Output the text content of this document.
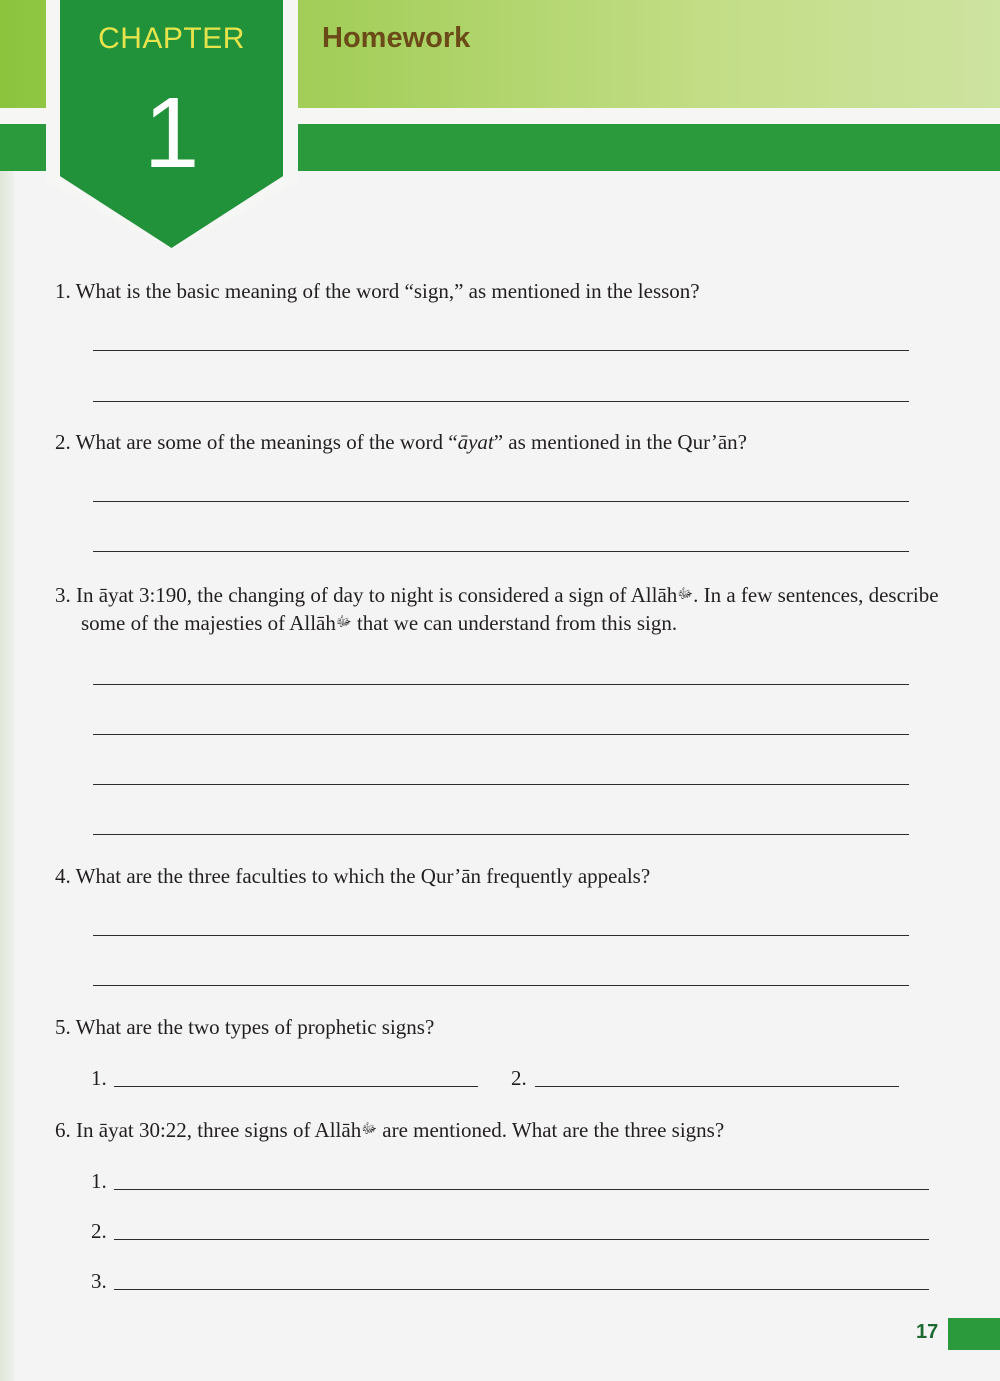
CHAPTER
1
Homework
1. What is the basic meaning of the word “sign,” as mentioned in the lesson?
2. What are some of the meanings of the word “āyat” as mentioned in the Qur’ān?
3. In āyat 3:190, the changing of day to night is considered a sign of Allāhﷻ. In a few sentences, describe some of the majesties of Allāhﷻ that we can understand from this sign.
4. What are the three faculties to which the Qur’ān frequently appeals?
5. What are the two types of prophetic signs?
1.	2.
6. In āyat 30:22, three signs of Allāhﷻ are mentioned. What are the three signs?
1.
2.
3.
17
